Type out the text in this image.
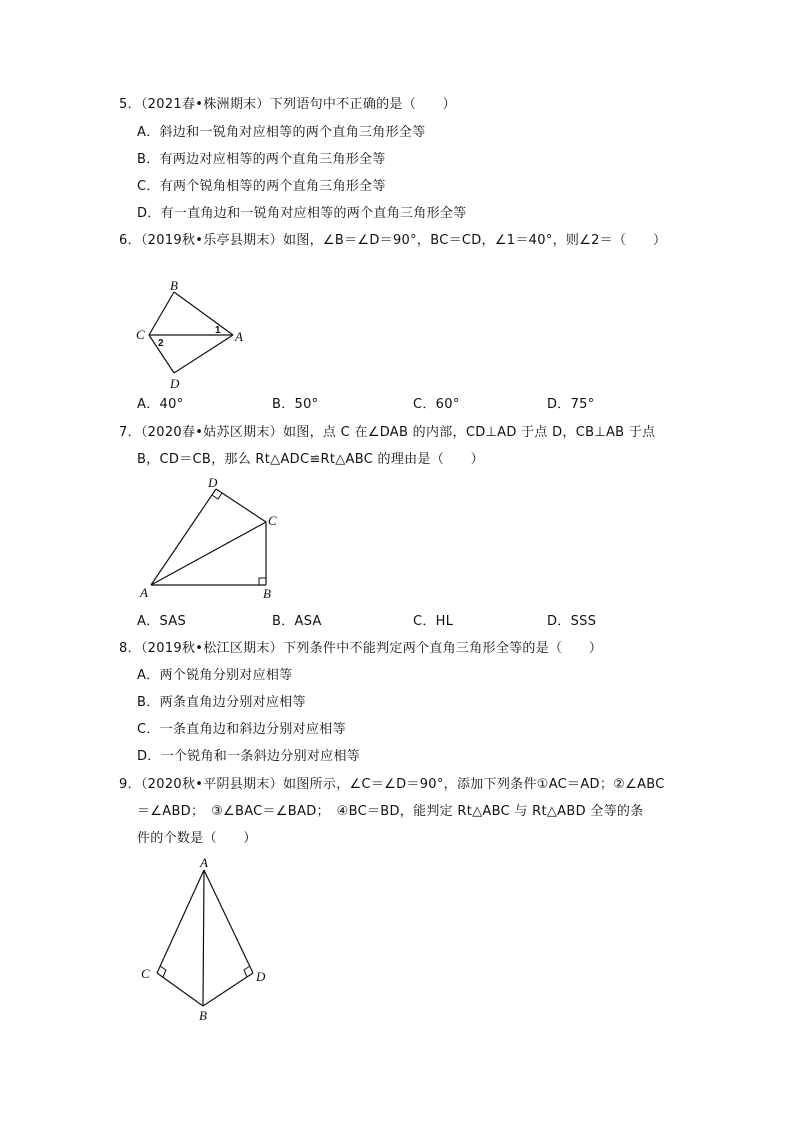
5．（2021春•株洲期末）下列语句中不正确的是（　　）
A．斜边和一锐角对应相等的两个直角三角形全等
B．有两边对应相等的两个直角三角形全等
C．有两个锐角相等的两个直角三角形全等
D．有一直角边和一锐角对应相等的两个直角三角形全等
6．（2019秋•乐亭县期末）如图，∠B＝∠D＝90°，BC＝CD，∠1＝40°，则∠2＝（　　）
B
C	A
D
1
2
A．40°	B．50°	C．60°	D．75°
7．（2020春•姑苏区期末）如图，点 C 在∠DAB 的内部，CD⊥AD 于点 D，CB⊥AB 于点
B，CD＝CB，那么 Rt△ADC≌Rt△ABC 的理由是（　　）
D
C
A	B
A．SAS	B．ASA	C．HL	D．SSS
8．（2019秋•松江区期末）下列条件中不能判定两个直角三角形全等的是（　　）
A．两个锐角分别对应相等
B．两条直角边分别对应相等
C．一条直角边和斜边分别对应相等
D．一个锐角和一条斜边分别对应相等
9．（2020秋•平阴县期末）如图所示，∠C＝∠D＝90°，添加下列条件①AC＝AD；②∠ABC
＝∠ABD；　③∠BAC＝∠BAD；　④BC＝BD，能判定 Rt△ABC 与 Rt△ABD 全等的条
件的个数是（　　）
A
C	D
B
